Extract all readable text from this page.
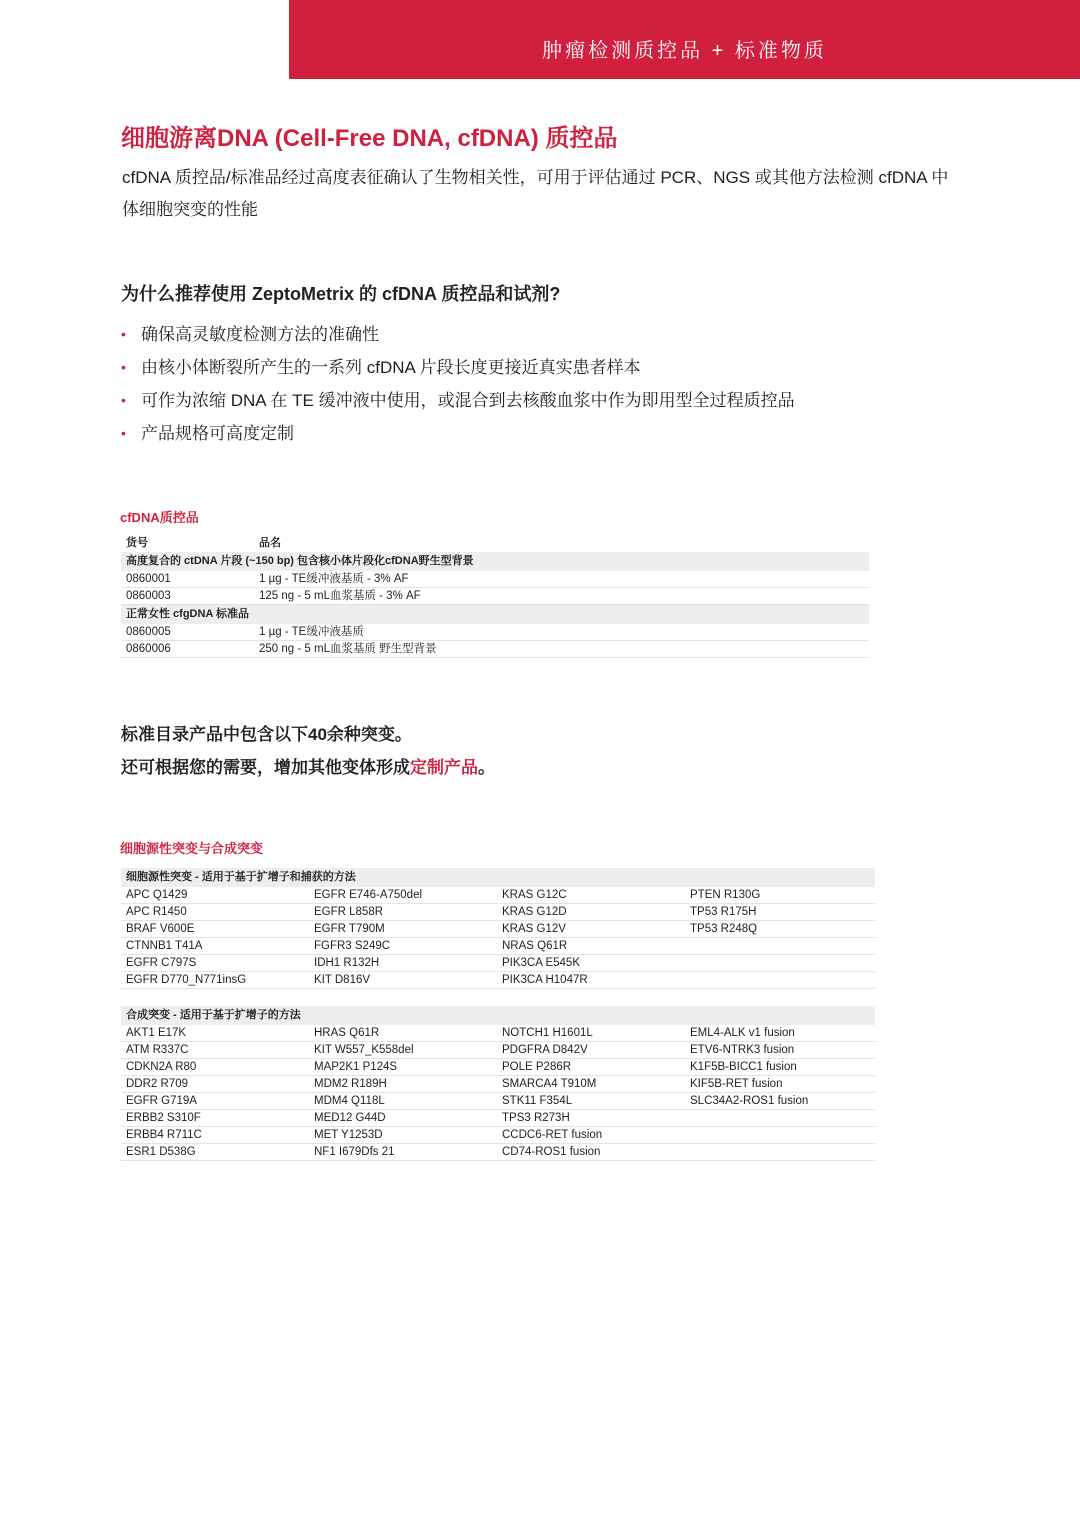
肿瘤检测质控品 + 标准物质
细胞游离DNA (Cell-Free DNA, cfDNA) 质控品

cfDNA 质控品/标准品经过高度表征确认了生物相关性，可用于评估通过 PCR、NGS 或其他方法检测 cfDNA 中体细胞突变的性能

为什么推荐使用 ZeptoMetrix 的 cfDNA 质控品和试剂?
• 确保高灵敏度检测方法的准确性
• 由核小体断裂所产生的一系列 cfDNA 片段长度更接近真实患者样本
• 可作为浓缩 DNA 在 TE 缓冲液中使用，或混合到去核酸血浆中作为即用型全过程质控品
• 产品规格可高度定制
cfDNA质控品
货号	品名
高度复合的 ctDNA 片段 (~150 bp) 包含核小体片段化cfDNA野生型背景
0860001	1 µg - TE缓冲液基质 - 3% AF
0860003	125 ng - 5 mL血浆基质 - 3% AF
正常女性 cfgDNA 标准品
0860005	1 µg - TE缓冲液基质
0860006	250 ng - 5 mL血浆基质 野生型背景

标准目录产品中包含以下40余种突变。

还可根据您的需要，增加其他变体形成定制产品。

细胞源性突变与合成突变
细胞源性突变 - 适用于基于扩增子和捕获的方法
APC Q1429	EGFR E746-A750del	KRAS G12C	PTEN R130G
APC R1450	EGFR L858R	KRAS G12D	TP53 R175H
BRAF V600E	EGFR T790M	KRAS G12V	TP53 R248Q
CTNNB1 T41A	FGFR3 S249C	NRAS Q61R
EGFR C797S	IDH1 R132H	PIK3CA E545K
EGFR D770_N771insG	KIT D816V	PIK3CA H1047R
合成突变 - 适用于基于扩增子的方法
AKT1 E17K	HRAS Q61R	NOTCH1 H1601L	EML4-ALK v1 fusion
ATM R337C	KIT W557_K558del	PDGFRA D842V	ETV6-NTRK3 fusion
CDKN2A R80	MAP2K1 P124S	POLE P286R	K1F5B-BICC1 fusion
DDR2 R709	MDM2 R189H	SMARCA4 T910M	KIF5B-RET fusion
EGFR G719A	MDM4 Q118L	STK11 F354L	SLC34A2-ROS1 fusion
ERBB2 S310F	MED12 G44D	TPS3 R273H
ERBB4 R711C	MET Y1253D	CCDC6-RET fusion
ESR1 D538G	NF1 I679Dfs 21	CD74-ROS1 fusion
